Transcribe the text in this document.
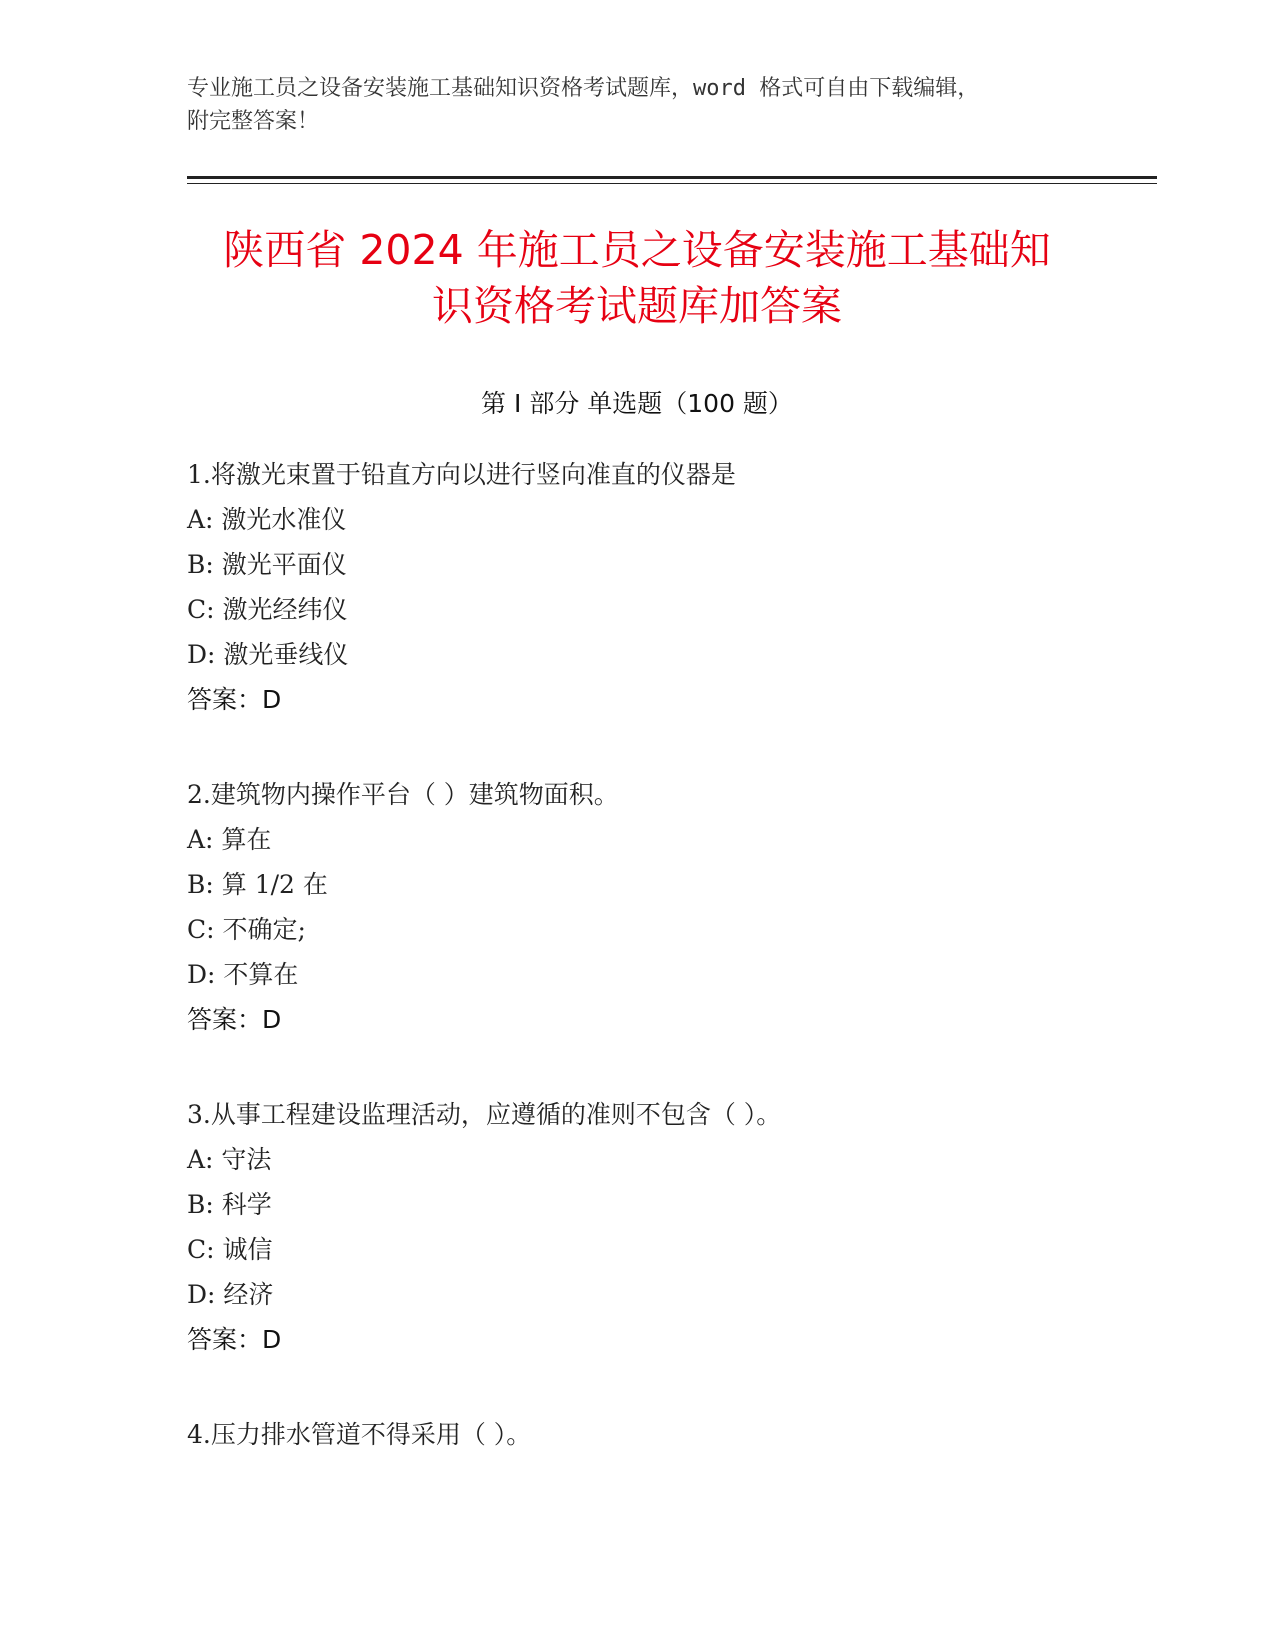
专业施工员之设备安装施工基础知识资格考试题库，word 格式可自由下载编辑，
附完整答案！
陕西省 2024 年施工员之设备安装施工基础知
识资格考试题库加答案
第 I 部分 单选题（100 题）
1.将激光束置于铅直方向以进行竖向准直的仪器是
A: 激光水准仪
B: 激光平面仪
C: 激光经纬仪
D: 激光垂线仪
答案：D
2.建筑物内操作平台（ ）建筑物面积。
A: 算在
B: 算 1/2 在
C: 不确定;
D: 不算在
答案：D
3.从事工程建设监理活动，应遵循的准则不包含（ ）。
A: 守法
B: 科学
C: 诚信
D: 经济
答案：D
4.压力排水管道不得采用（ ）。
